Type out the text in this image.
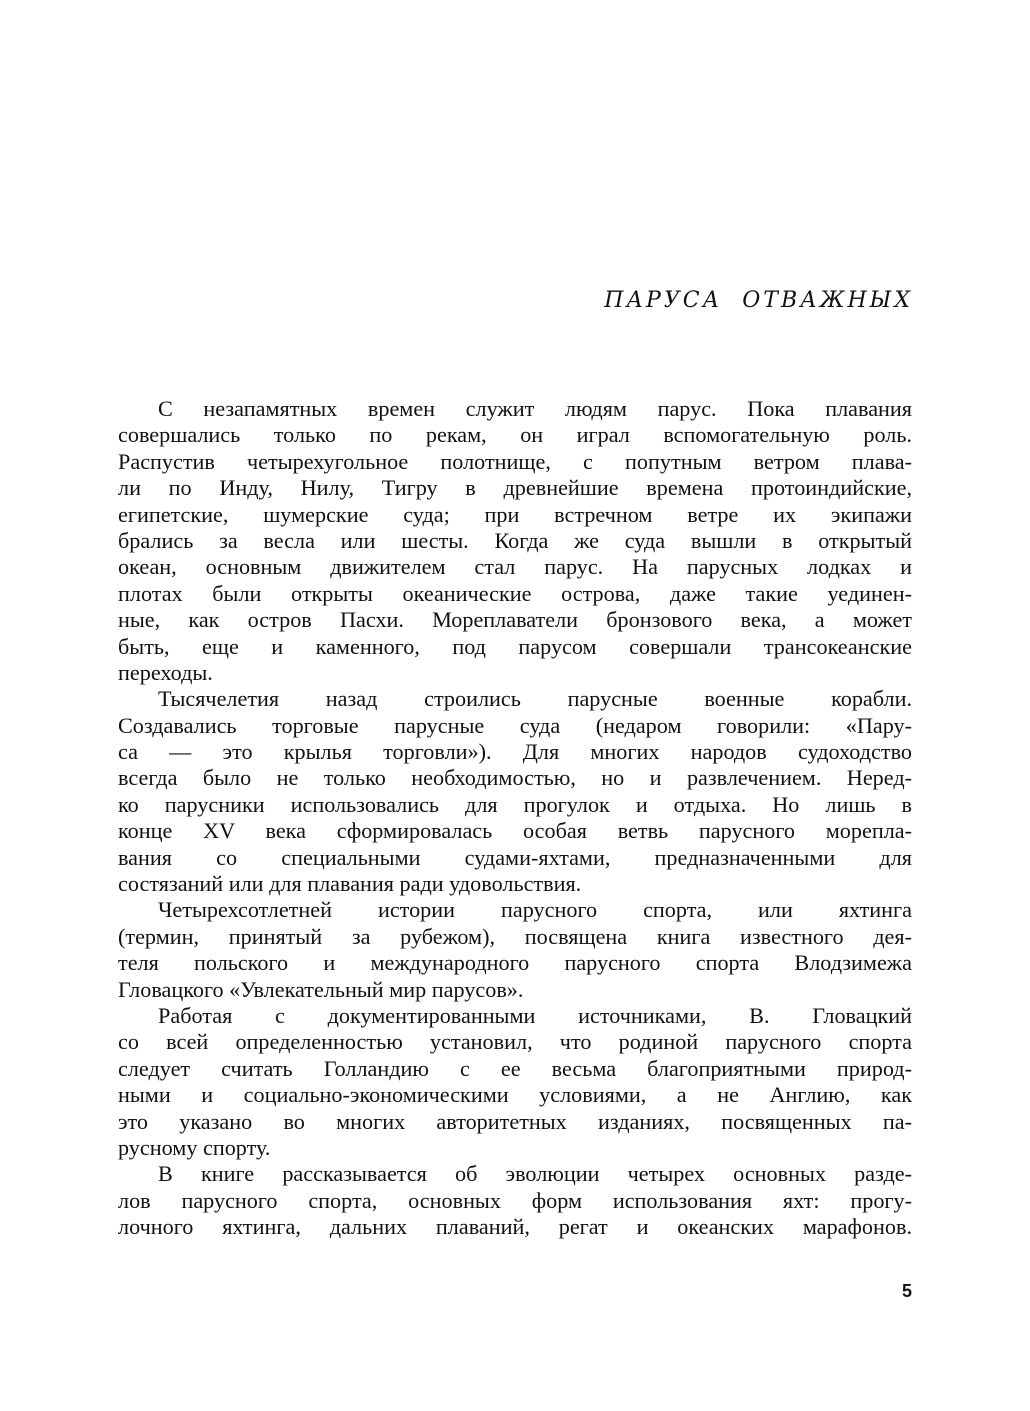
ПАРУСА ОТВАЖНЫХ
С незапамятных времен служит людям парус. Пока плавания
совершались только по рекам, он играл вспомогательную роль.
Распустив четырехугольное полотнище, с попутным ветром плава-
ли по Инду, Нилу, Тигру в древнейшие времена протоиндийские,
египетские, шумерские суда; при встречном ветре их экипажи
брались за весла или шесты. Когда же суда вышли в открытый
океан, основным движителем стал парус. На парусных лодках и
плотах были открыты океанические острова, даже такие уединен-
ные, как остров Пасхи. Мореплаватели бронзового века, а может
быть, еще и каменного, под парусом совершали трансокеанские
переходы.
Тысячелетия назад строились парусные военные корабли.
Создавались торговые парусные суда (недаром говорили: «Пару-
са — это крылья торговли»). Для многих народов судоходство
всегда было не только необходимостью, но и развлечением. Неред-
ко парусники использовались для прогулок и отдыха. Но лишь в
конце XV века сформировалась особая ветвь парусного морепла-
вания со специальными судами-яхтами, предназначенными для
состязаний или для плавания ради удовольствия.
Четырехсотлетней истории парусного спорта, или яхтинга
(термин, принятый за рубежом), посвящена книга известного дея-
теля польского и международного парусного спорта Влодзимежа
Гловацкого «Увлекательный мир парусов».
Работая с документированными источниками, В. Гловацкий
со всей определенностью установил, что родиной парусного спорта
следует считать Голландию с ее весьма благоприятными природ-
ными и социально-экономическими условиями, а не Англию, как
это указано во многих авторитетных изданиях, посвященных па-
русному спорту.
В книге рассказывается об эволюции четырех основных разде-
лов парусного спорта, основных форм использования яхт: прогу-
лочного яхтинга, дальних плаваний, регат и океанских марафонов.
5
